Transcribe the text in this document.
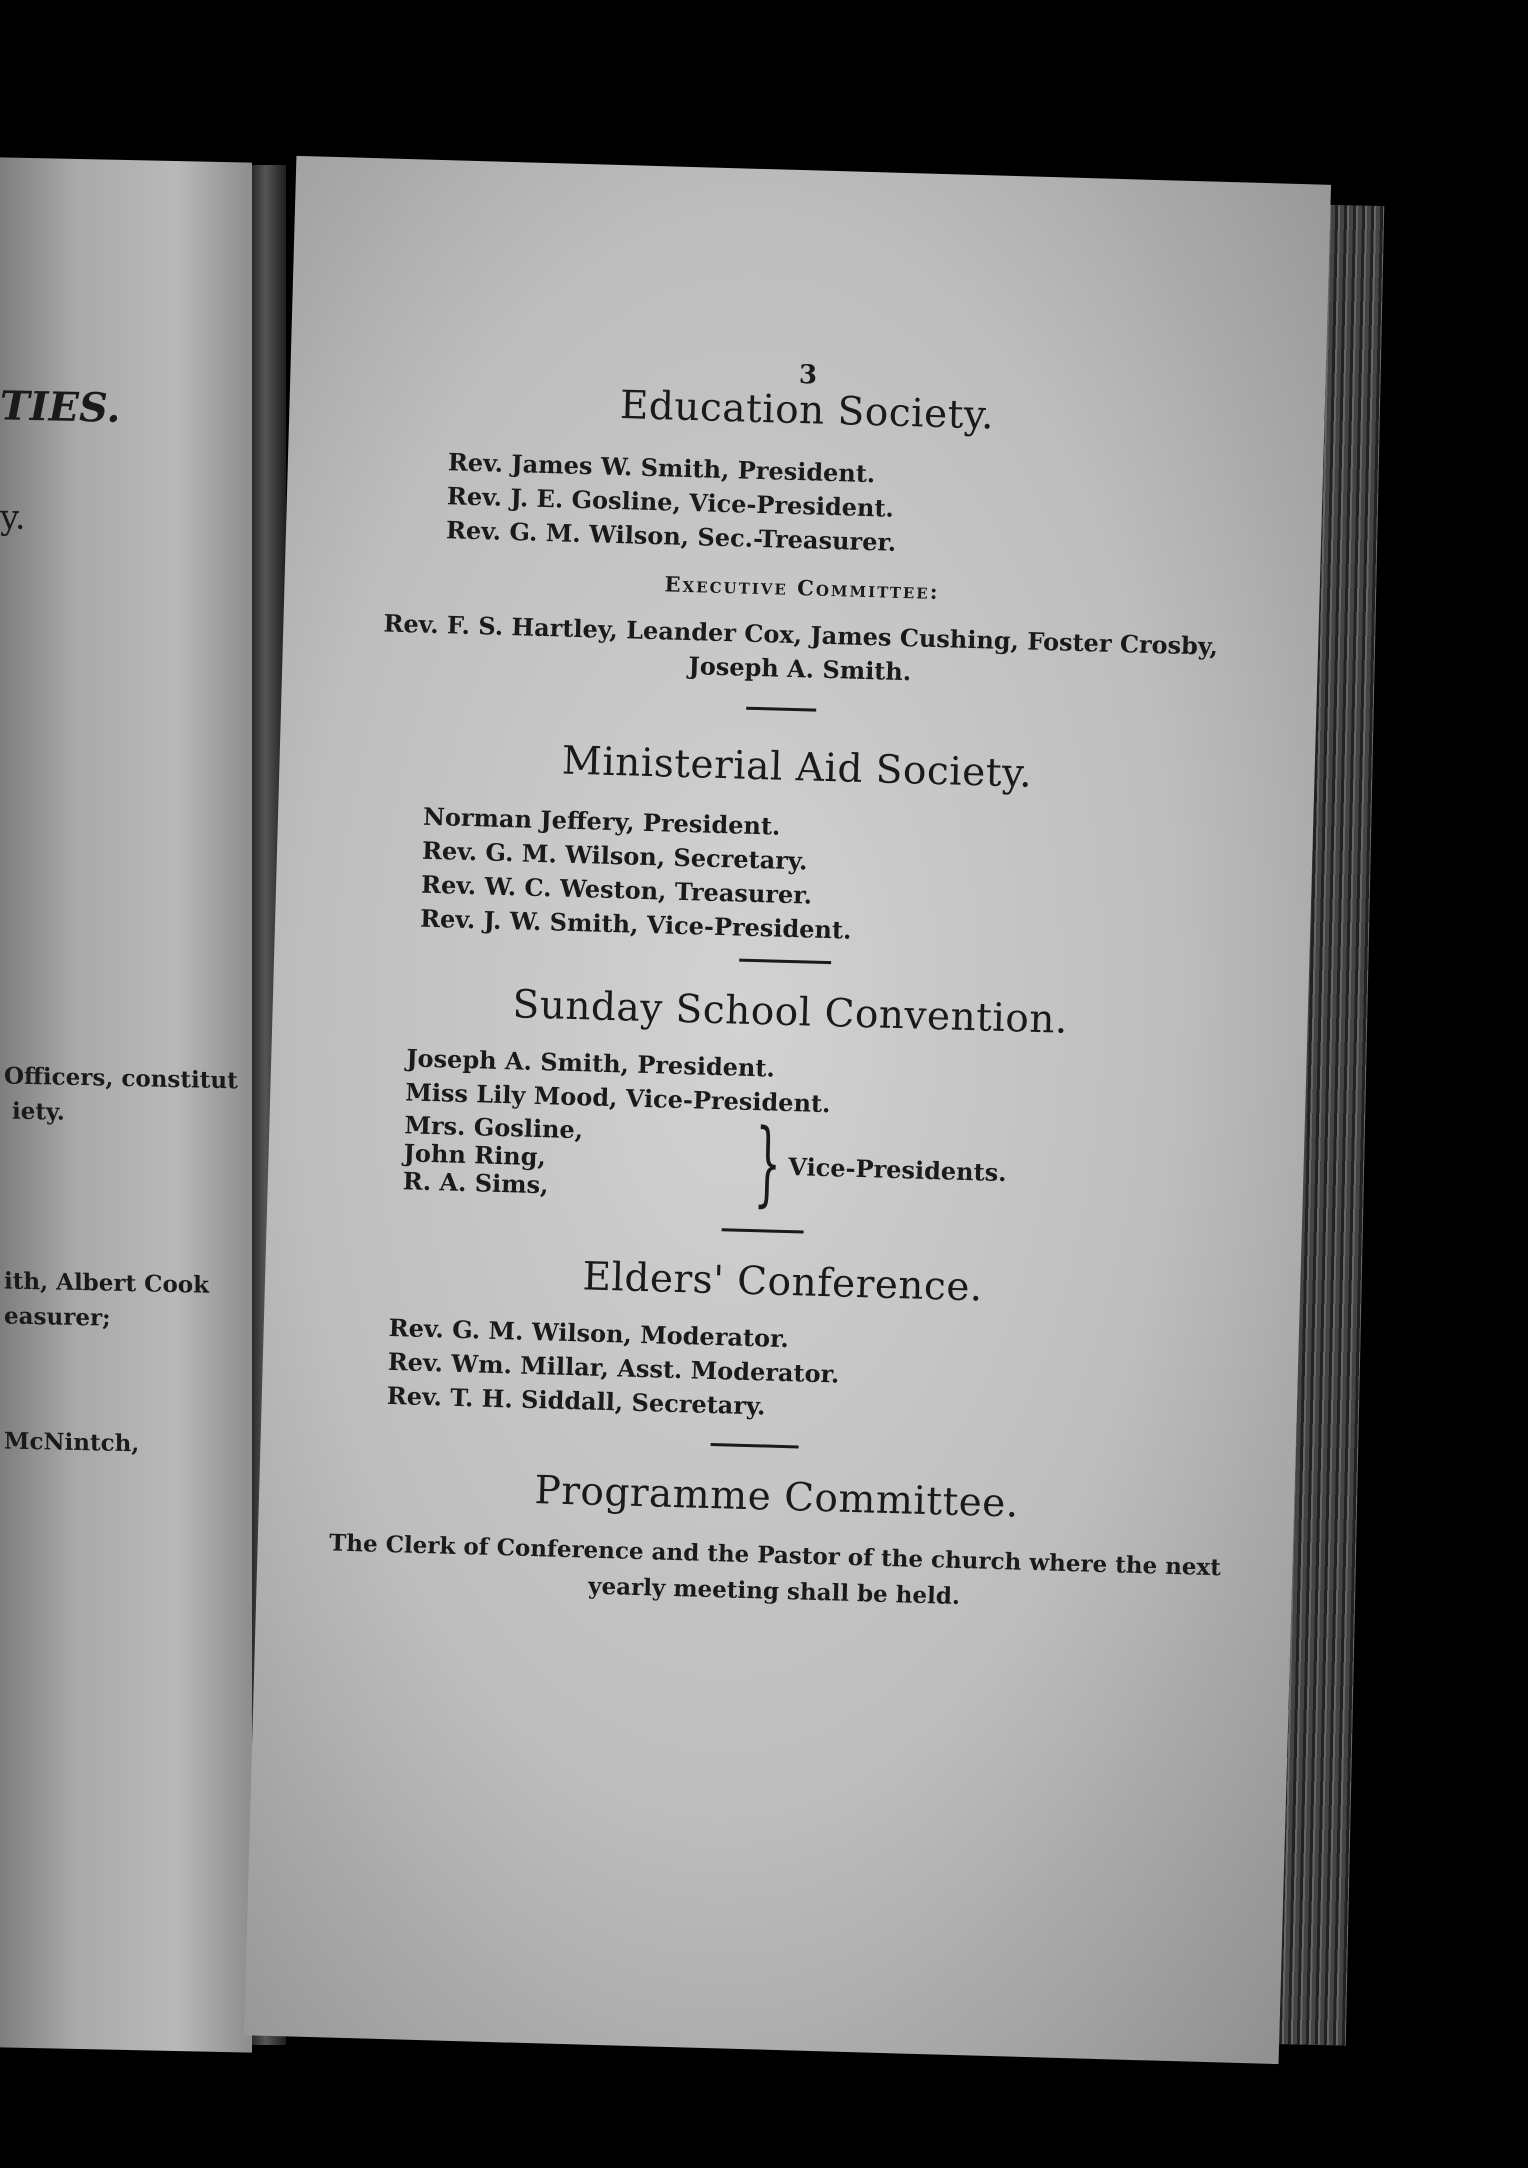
TIES.
y.
Officers, constitut
iety.
ith, Albert Cook
easurer;
McNintch,
3
Education Society.
Rev. James W. Smith, President.
Rev. J. E. Gosline, Vice-President.
Rev. G. M. Wilson, Sec.-Treasurer.
Executive Committee:
Rev. F. S. Hartley, Leander Cox, James Cushing, Foster Crosby,
Joseph A. Smith.
Ministerial Aid Society.
Norman Jeffery, President.
Rev. G. M. Wilson, Secretary.
Rev. W. C. Weston, Treasurer.
Rev. J. W. Smith, Vice-President.
Sunday School Convention.
Joseph A. Smith, President.
Miss Lily Mood, Vice-President.
Mrs. Gosline,
John Ring,
R. A. Sims,	} Vice-Presidents.
Elders' Conference.
Rev. G. M. Wilson, Moderator.
Rev. Wm. Millar, Asst. Moderator.
Rev. T. H. Siddall, Secretary.
Programme Committee.
The Clerk of Conference and the Pastor of the church where the next
yearly meeting shall be held.
